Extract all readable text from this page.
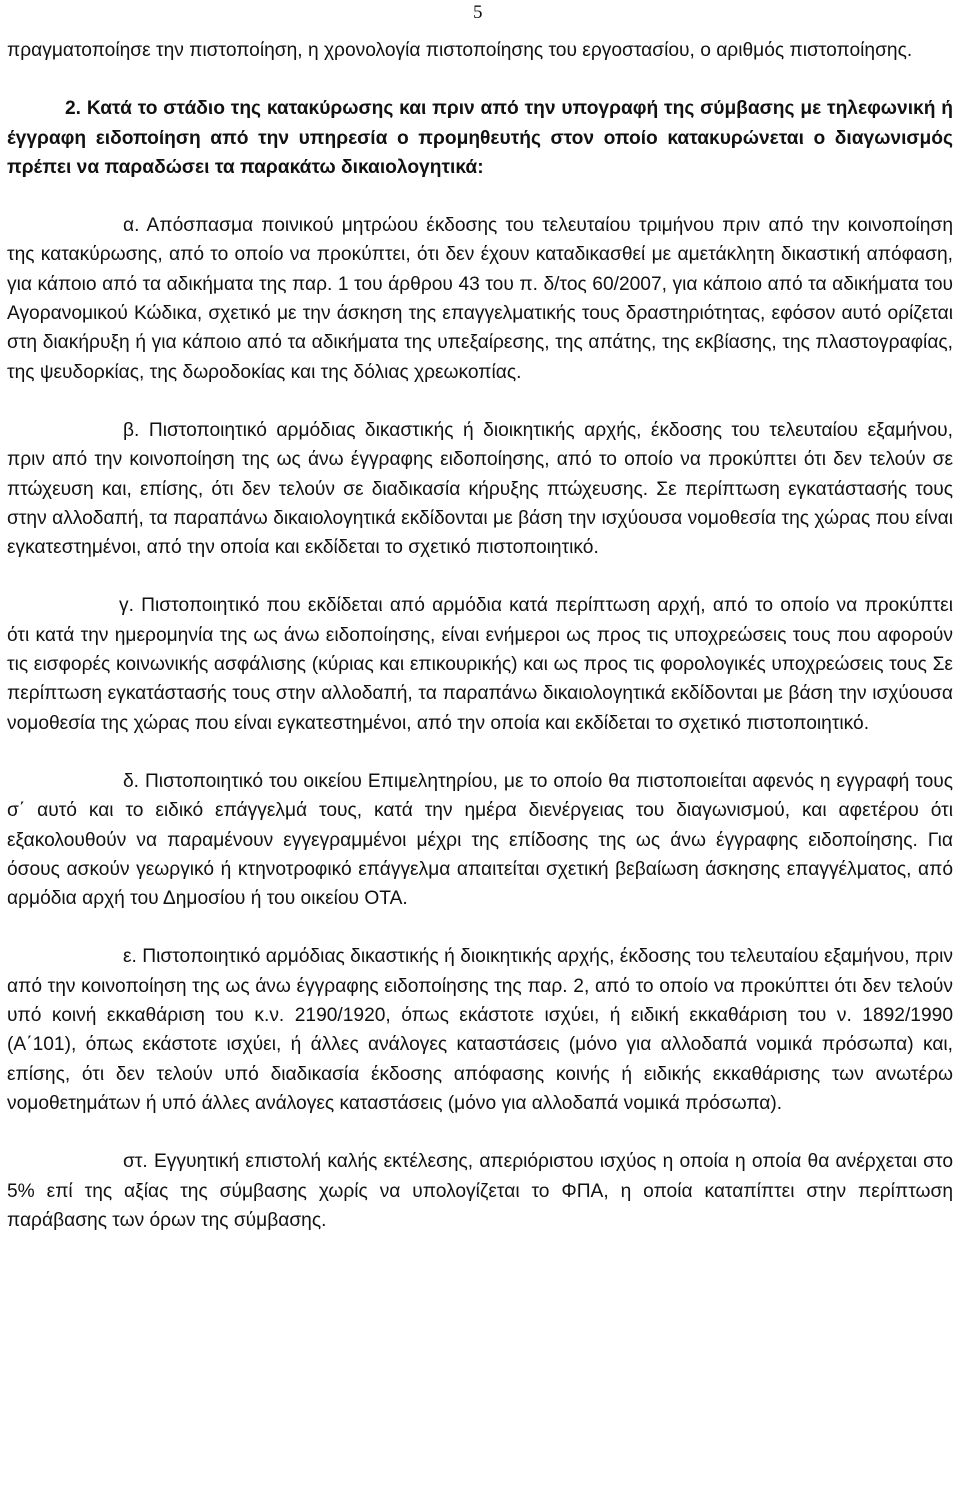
5

πραγματοποίησε την πιστοποίηση, η χρονολογία πιστοποίησης του εργοστασίου, ο αριθμός πιστοποίησης.

2. Κατά το στάδιο της κατακύρωσης και πριν από την υπογραφή της σύμβασης με τηλεφωνική ή έγγραφη ειδοποίηση από την υπηρεσία ο προμηθευτής στον οποίο κατακυρώνεται ο διαγωνισμός πρέπει να παραδώσει τα παρακάτω δικαιολογητικά:

α. Απόσπασμα ποινικού μητρώου έκδοσης του τελευταίου τριμήνου πριν από την κοινοποίηση της κατακύρωσης, από το οποίο να προκύπτει, ότι δεν έχουν καταδικασθεί με αμετάκλητη δικαστική απόφαση, για κάποιο από τα αδικήματα της παρ. 1 του άρθρου 43 του π. δ/τος 60/2007, για κάποιο από τα αδικήματα του Αγορανομικού Κώδικα, σχετικό με την άσκηση της επαγγελματικής τους δραστηριότητας, εφόσον αυτό ορίζεται στη διακήρυξη ή για κάποιο από τα αδικήματα της υπεξαίρεσης, της απάτης, της εκβίασης, της πλαστογραφίας, της ψευδορκίας, της δωροδοκίας και της δόλιας χρεωκοπίας.

β. Πιστοποιητικό αρμόδιας δικαστικής ή διοικητικής αρχής, έκδοσης του τελευταίου εξαμήνου, πριν από την κοινοποίηση της ως άνω έγγραφης ειδοποίησης, από το οποίο να προκύπτει ότι δεν τελούν σε πτώχευση και, επίσης, ότι δεν τελούν σε διαδικασία κήρυξης πτώχευσης. Σε περίπτωση εγκατάστασής τους στην αλλοδαπή, τα παραπάνω δικαιολογητικά εκδίδονται με βάση την ισχύουσα νομοθεσία της χώρας που είναι εγκατεστημένοι, από την οποία και εκδίδεται το σχετικό πιστοποιητικό.

γ. Πιστοποιητικό που εκδίδεται από αρμόδια κατά περίπτωση αρχή, από το οποίο να προκύπτει ότι κατά την ημερομηνία της ως άνω ειδοποίησης, είναι ενήμεροι ως προς τις υποχρεώσεις τους που αφορούν τις εισφορές κοινωνικής ασφάλισης (κύριας και επικουρικής) και ως προς τις φορολογικές υποχρεώσεις τους Σε περίπτωση εγκατάστασής τους στην αλλοδαπή, τα παραπάνω δικαιολογητικά εκδίδονται με βάση την ισχύουσα νομοθεσία της χώρας που είναι εγκατεστημένοι, από την οποία και εκδίδεται το σχετικό πιστοποιητικό.

δ. Πιστοποιητικό του οικείου Επιμελητηρίου, με το οποίο θα πιστοποιείται αφενός η εγγραφή τους σ΄ αυτό και το ειδικό επάγγελμά τους, κατά την ημέρα διενέργειας του διαγωνισμού, και αφετέρου ότι εξακολουθούν να παραμένουν εγγεγραμμένοι μέχρι της επίδοσης της ως άνω έγγραφης ειδοποίησης. Για όσους ασκούν γεωργικό ή κτηνοτροφικό επάγγελμα απαιτείται σχετική βεβαίωση άσκησης επαγγέλματος, από αρμόδια αρχή του Δημοσίου ή του οικείου ΟΤΑ.

ε. Πιστοποιητικό αρμόδιας δικαστικής ή διοικητικής αρχής, έκδοσης του τελευταίου εξαμήνου, πριν από την κοινοποίηση της ως άνω έγγραφης ειδοποίησης της παρ. 2, από το οποίο να προκύπτει ότι δεν τελούν υπό κοινή εκκαθάριση του κ.ν. 2190/1920, όπως εκάστοτε ισχύει, ή ειδική εκκαθάριση του ν. 1892/1990 (Α΄101), όπως εκάστοτε ισχύει, ή άλλες ανάλογες καταστάσεις (μόνο για αλλοδαπά νομικά πρόσωπα) και, επίσης, ότι δεν τελούν υπό διαδικασία έκδοσης απόφασης κοινής ή ειδικής εκκαθάρισης των ανωτέρω νομοθετημάτων ή υπό άλλες ανάλογες καταστάσεις (μόνο για αλλοδαπά νομικά πρόσωπα).

στ. Εγγυητική επιστολή καλής εκτέλεσης, απεριόριστου ισχύος η οποία η οποία θα ανέρχεται στο 5% επί της αξίας της σύμβασης χωρίς να υπολογίζεται το ΦΠΑ, η οποία καταπίπτει στην περίπτωση παράβασης των όρων της σύμβασης.
